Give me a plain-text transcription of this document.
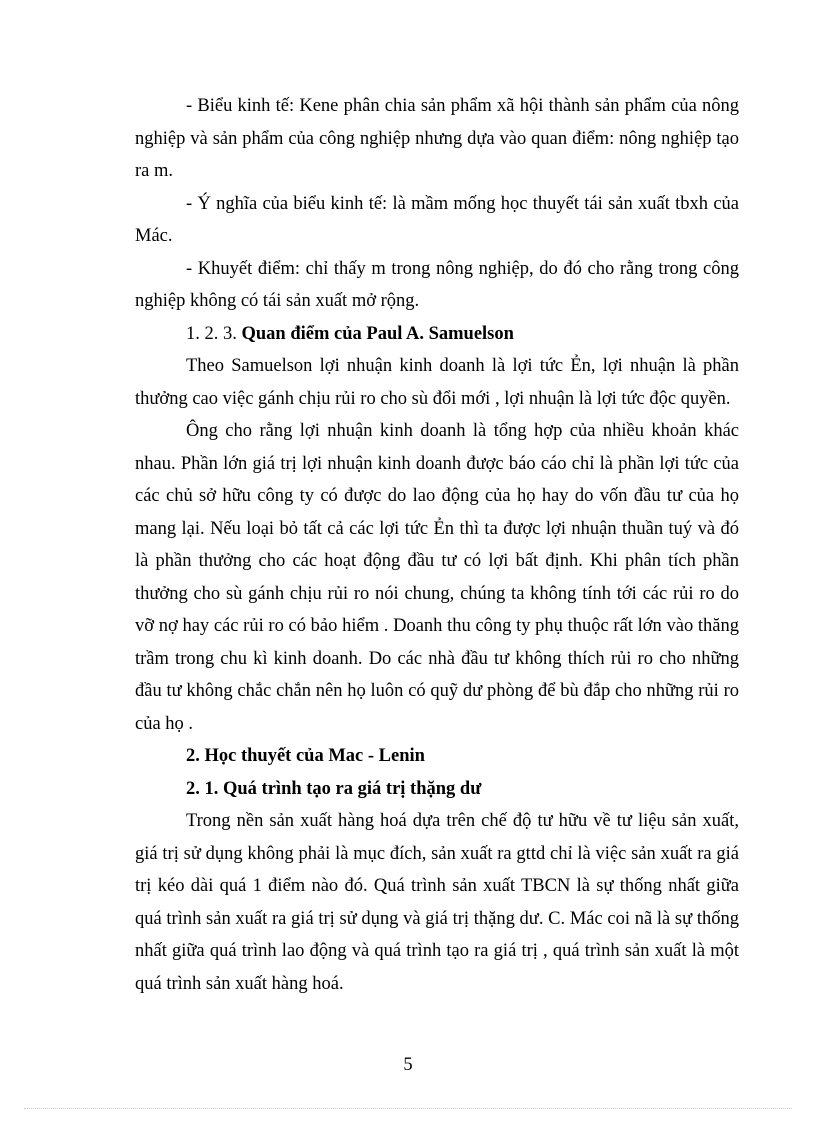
- Biểu kinh tế: Kene phân chia sản phẩm xã hội thành sản phẩm của nông nghiệp và sản phẩm của công nghiệp nhưng dựa vào quan điểm: nông nghiệp tạo ra m.

- Ý nghĩa của biểu kinh tế: là mầm mống học thuyết tái sản xuất tbxh của Mác.

- Khuyết điểm: chỉ thấy m trong nông nghiệp, do đó cho rằng trong công nghiệp không có tái sản xuất mở rộng.

1. 2. 3. Quan điểm của Paul A. Samuelson

Theo Samuelson lợi nhuận kinh doanh là lợi tức Ẻn, lợi nhuận là phần thưởng cao việc gánh chịu rủi ro cho sù đổi mới , lợi nhuận là lợi tức độc quyền.

Ông cho rằng lợi nhuận kinh doanh là tổng hợp của nhiều khoản khác nhau. Phần lớn giá trị lợi nhuận kinh doanh được báo cáo chỉ là phần lợi tức của các chủ sở hữu công ty có được do lao động của họ hay do vốn đầu tư của họ mang lại. Nếu loại bỏ tất cả các lợi tức Ẻn thì ta được lợi nhuận thuần tuý và đó là phần thưởng cho các hoạt động đầu tư có lợi bất định. Khi phân tích phần thưởng cho sù gánh chịu rủi ro nói chung, chúng ta không tính tới các rủi ro do vỡ nợ hay các rủi ro có bảo hiểm . Doanh thu công ty phụ thuộc rất lớn vào thăng trầm trong chu kì kinh doanh. Do các nhà đầu tư không thích rủi ro cho những đầu tư không chắc chắn nên họ luôn có quỹ dư phòng để bù đắp cho những rủi ro của họ .

2. Học thuyết của Mac - Lenin

2. 1. Quá trình tạo ra giá trị thặng dư

Trong nền sản xuất hàng hoá dựa trên chế độ tư hữu về tư liệu sản xuất, giá trị sử dụng không phải là mục đích, sản xuất ra gttd chỉ là việc sản xuất ra giá trị kéo dài quá 1 điểm nào đó. Quá trình sản xuất TBCN là sự thống nhất giữa quá trình sản xuất ra giá trị sử dụng và giá trị thặng dư. C. Mác coi nã là sự thống nhất giữa quá trình lao động và quá trình tạo ra giá trị , quá trình sản xuất là một quá trình sản xuất hàng hoá.

5
